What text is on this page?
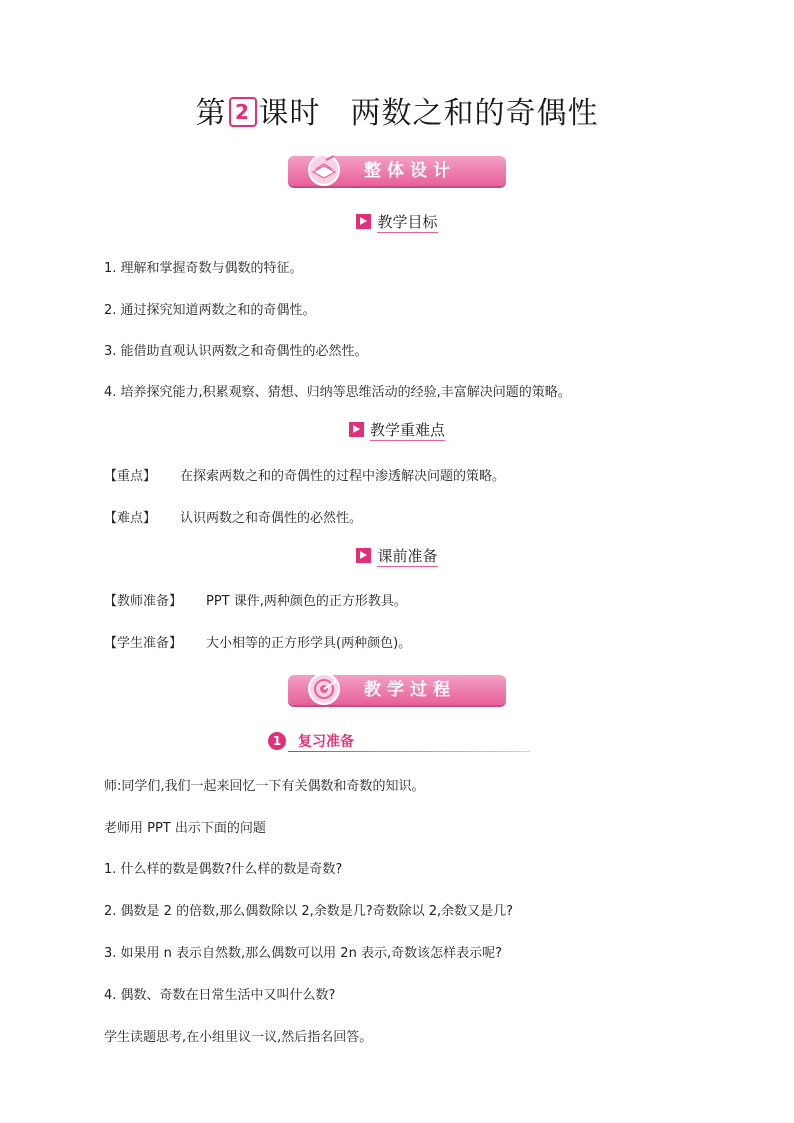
第 2 课时 两数之和的奇偶性
整体设计
教学目标
1. 理解和掌握奇数与偶数的特征。
2. 通过探究知道两数之和的奇偶性。
3. 能借助直观认识两数之和奇偶性的必然性。
4. 培养探究能力,积累观察、猜想、归纳等思维活动的经验,丰富解决问题的策略。
教学重难点
【重点】 在探索两数之和的奇偶性的过程中渗透解决问题的策略。
【难点】 认识两数之和奇偶性的必然性。
课前准备
【教师准备】 PPT 课件,两种颜色的正方形教具。
【学生准备】 大小相等的正方形学具(两种颜色)。
教学过程
1	复习准备
师:同学们,我们一起来回忆一下有关偶数和奇数的知识。
老师用 PPT 出示下面的问题
1. 什么样的数是偶数?什么样的数是奇数?
2. 偶数是 2 的倍数,那么偶数除以 2,余数是几?奇数除以 2,余数又是几?
3. 如果用 n 表示自然数,那么偶数可以用 2n 表示,奇数该怎样表示呢?
4. 偶数、奇数在日常生活中又叫什么数?
学生读题思考,在小组里议一议,然后指名回答。
